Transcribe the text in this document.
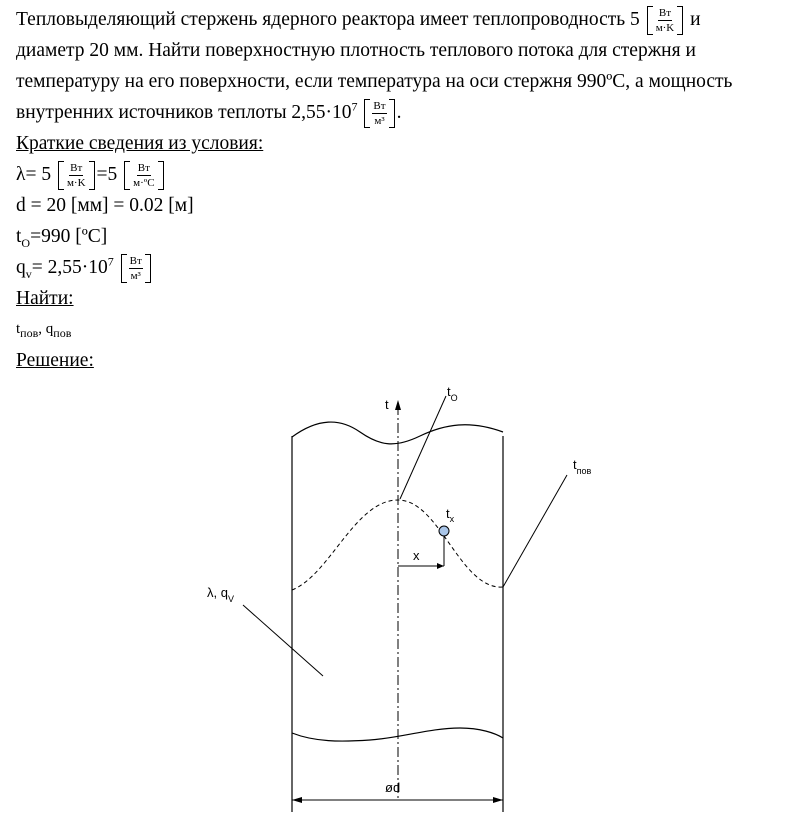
Тепловыделяющий стержень ядерного реактора имеет теплопроводность $5 \frac{Вт}{м\cdot K}$ и

диаметр 20 мм. Найти поверхностную плотность теплового потока для стержня и

температуру на его поверхности, если температура на оси стержня 990ºС, а мощность

внутренних источников теплоты $2,55\cdot 10^7 \frac{Вт}{\text{м³}}$ .

Краткие сведения из условия:

$\lambda= 5 \frac{Вт}{м\cdot K} =5 \frac{Вт}{\text{м·ºC}}$

d = 20 [мм] = 0.02 [м]

$t_O=990$ [ºC]

$q_v= 2,55\cdot 10^7 \frac{Вт}{\text{м³}}$

Найти:

$t_{пов}$, $q_{пов}$

Решение:

t
$t_O$
$t_{пов}$
$t_x$
x
λ, $q_V$
ød
